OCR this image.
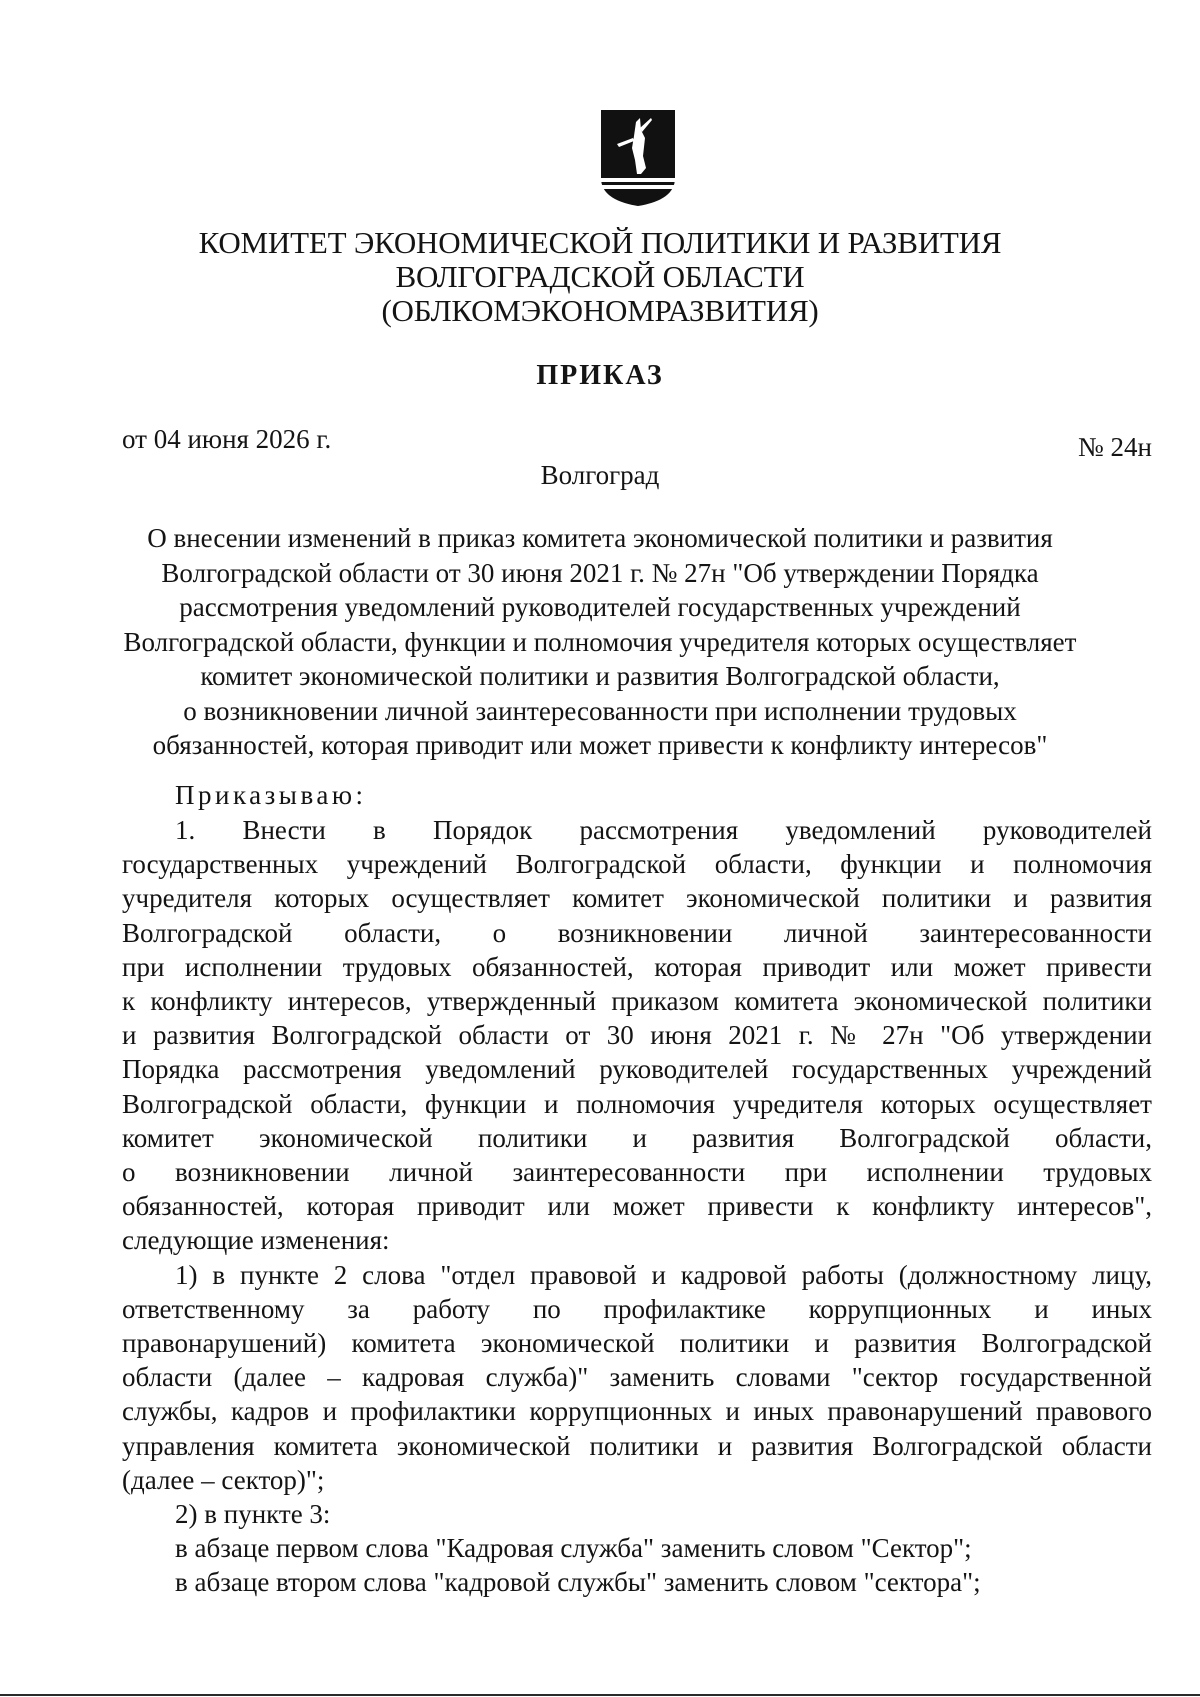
КОМИТЕТ ЭКОНОМИЧЕСКОЙ ПОЛИТИКИ И РАЗВИТИЯ
ВОЛГОГРАДСКОЙ ОБЛАСТИ
(ОБЛКОМЭКОНОМРАЗВИТИЯ)
ПРИКАЗ
от 04 июня 2026 г.	№ 24н
Волгоград
О внесении изменений в приказ комитета экономической политики и развития
Волгоградской области от 30 июня 2021 г. № 27н "Об утверждении Порядка
рассмотрения уведомлений руководителей государственных учреждений
Волгоградской области, функции и полномочия учредителя которых осуществляет
комитет экономической политики и развития Волгоградской области,
о возникновении личной заинтересованности при исполнении трудовых
обязанностей, которая приводит или может привести к конфликту интересов"
Приказываю:
1. Внести в Порядок рассмотрения уведомлений руководителей
государственных учреждений Волгоградской области, функции и полномочия
учредителя которых осуществляет комитет экономической политики и развития
Волгоградской области, о возникновении личной заинтересованности
при исполнении трудовых обязанностей, которая приводит или может привести
к конфликту интересов, утвержденный приказом комитета экономической политики
и развития Волгоградской области от 30 июня 2021 г. № 27н "Об утверждении
Порядка рассмотрения уведомлений руководителей государственных учреждений
Волгоградской области, функции и полномочия учредителя которых осуществляет
комитет экономической политики и развития Волгоградской области,
о возникновении личной заинтересованности при исполнении трудовых
обязанностей, которая приводит или может привести к конфликту интересов",
следующие изменения:
1) в пункте 2 слова "отдел правовой и кадровой работы (должностному лицу,
ответственному за работу по профилактике коррупционных и иных
правонарушений) комитета экономической политики и развития Волгоградской
области (далее – кадровая служба)" заменить словами "сектор государственной
службы, кадров и профилактики коррупционных и иных правонарушений правового
управления комитета экономической политики и развития Волгоградской области
(далее – сектор)";
2) в пункте 3:
в абзаце первом слова "Кадровая служба" заменить словом "Сектор";
в абзаце втором слова "кадровой службы" заменить словом "сектора";
